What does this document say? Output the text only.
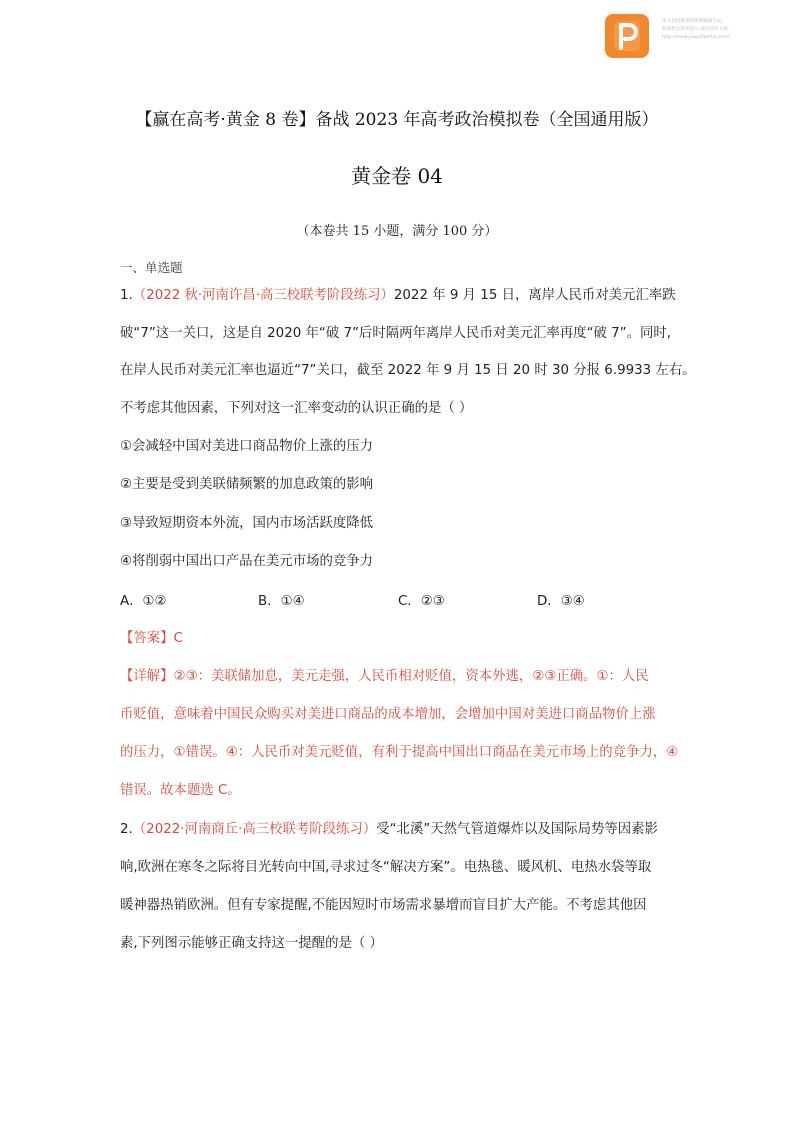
该文档是极速PDF编辑器生成,
如果想去掉该提示,请访问并下载:
http://www.jisupdfeditor.com/
【赢在高考·黄金 8 卷】备战 2023 年高考政治模拟卷（全国通用版）
黄金卷 04
（本卷共 15 小题，满分 100 分）
一、单选题
1.（2022 秋·河南许昌·高三校联考阶段练习）2022 年 9 月 15 日，离岸人民币对美元汇率跌
破“7”这一关口，这是自 2020 年“破 7”后时隔两年离岸人民币对美元汇率再度“破 7”。同时,
在岸人民币对美元汇率也逼近“7”关口，截至 2022 年 9 月 15 日 20 时 30 分报 6.9933 左右。
不考虑其他因素，下列对这一汇率变动的认识正确的是（ ）
①会减轻中国对美进口商品物价上涨的压力
②主要是受到美联储频繁的加息政策的影响
③导致短期资本外流，国内市场活跃度降低
④将削弱中国出口产品在美元市场的竞争力
A．①②	B．①④	C．②③	D．③④
【答案】C
【详解】②③：美联储加息，美元走强，人民币相对贬值，资本外逃，②③正确。①：人民
币贬值，意味着中国民众购买对美进口商品的成本增加，会增加中国对美进口商品物价上涨
的压力，①错误。④：人民币对美元贬值，有利于提高中国出口商品在美元市场上的竞争力，④
错误。故本题选 C。
2.（2022·河南商丘·高三校联考阶段练习）受“北溪”天然气管道爆炸以及国际局势等因素影
响,欧洲在寒冬之际将目光转向中国,寻求过冬“解决方案”。电热毯、暖风机、电热水袋等取
暖神器热销欧洲。但有专家提醒,不能因短时市场需求暴增而盲目扩大产能。不考虑其他因
素,下列图示能够正确支持这一提醒的是（ ）
